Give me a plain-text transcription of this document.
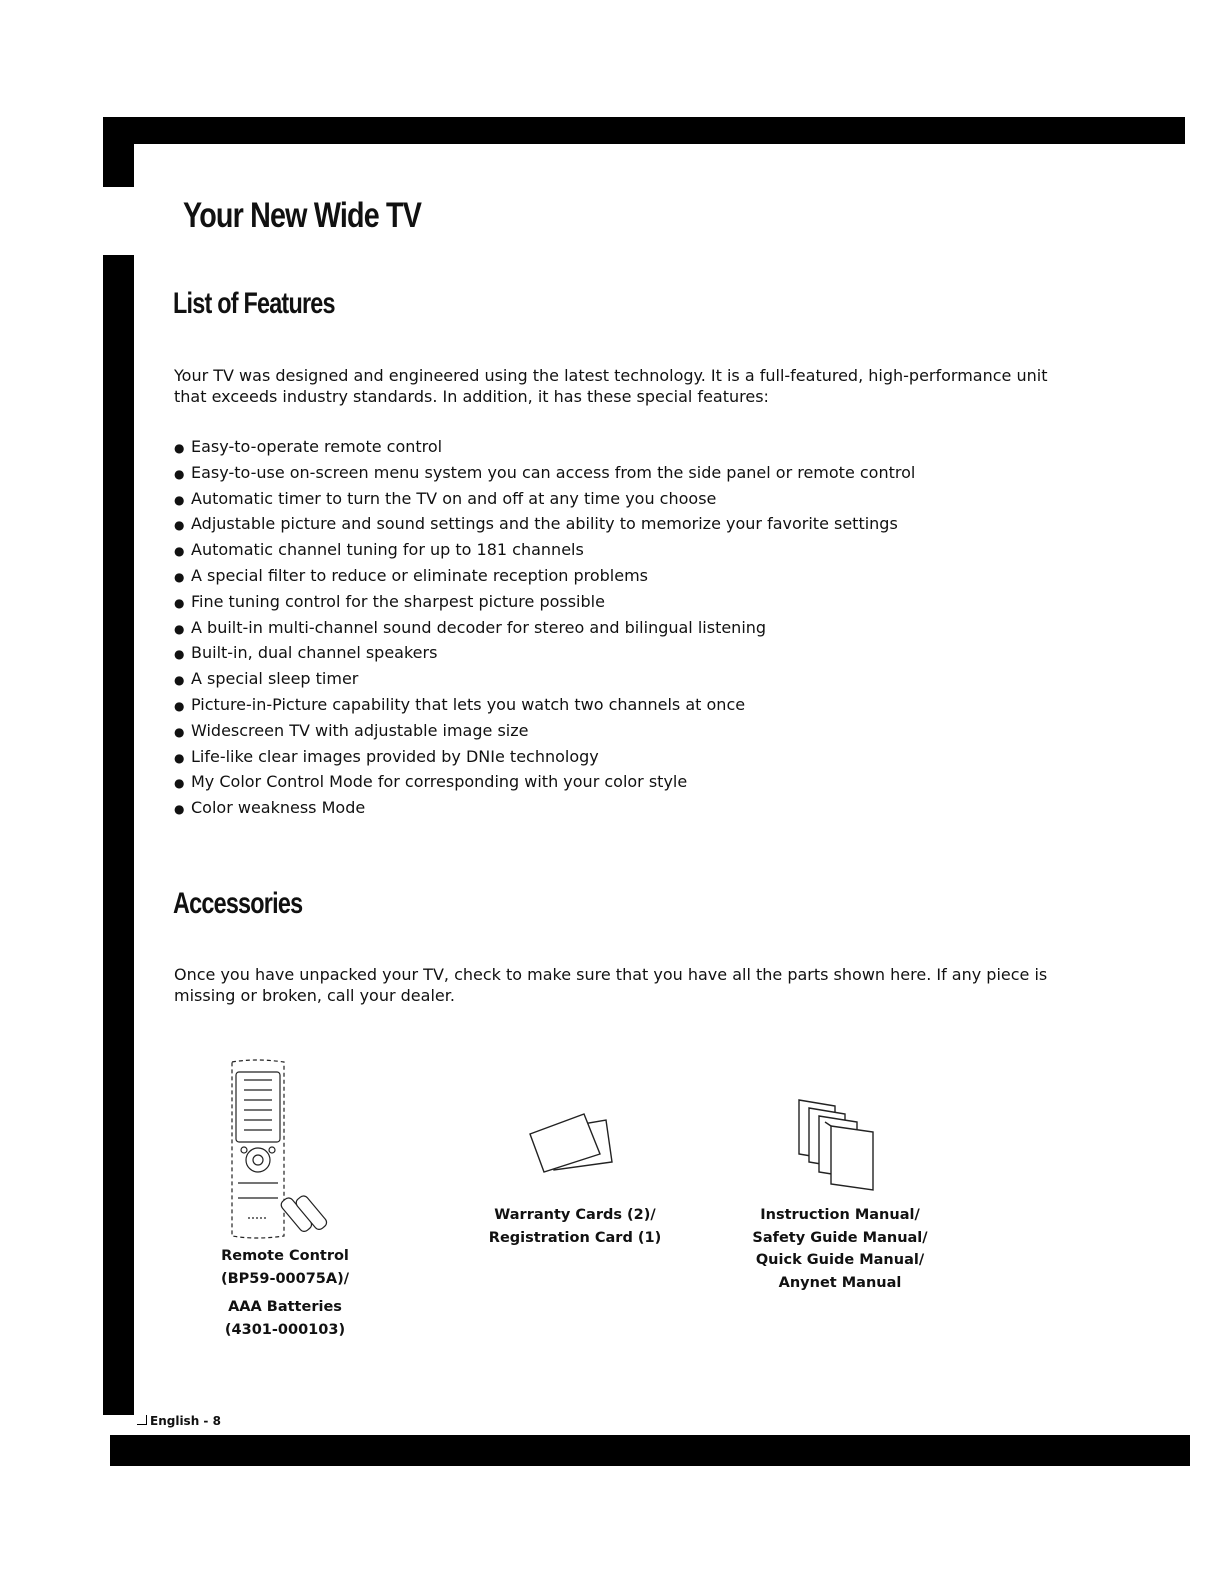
Your New Wide TV
List of Features

Your TV was designed and engineered using the latest technology. It is a full-featured, high-performance unit that exceeds industry standards. In addition, it has these special features:

● Easy-to-operate remote control
● Easy-to-use on-screen menu system you can access from the side panel or remote control
● Automatic timer to turn the TV on and off at any time you choose
● Adjustable picture and sound settings and the ability to memorize your favorite settings
● Automatic channel tuning for up to 181 channels
● A special filter to reduce or eliminate reception problems
● Fine tuning control for the sharpest picture possible
● A built-in multi-channel sound decoder for stereo and bilingual listening
● Built-in, dual channel speakers
● A special sleep timer
● Picture-in-Picture capability that lets you watch two channels at once
● Widescreen TV with adjustable image size
● Life-like clear images provided by DNIe technology
● My Color Control Mode for corresponding with your color style
● Color weakness Mode
Accessories

Once you have unpacked your TV, check to make sure that you have all the parts shown here. If any piece is missing or broken, call your dealer.

Remote Control
(BP59-00075A)/
AAA Batteries
(4301-000103)
Warranty Cards (2)/
Registration Card (1)
Instruction Manual/
Safety Guide Manual/
Quick Guide Manual/
Anynet Manual
English - 8
